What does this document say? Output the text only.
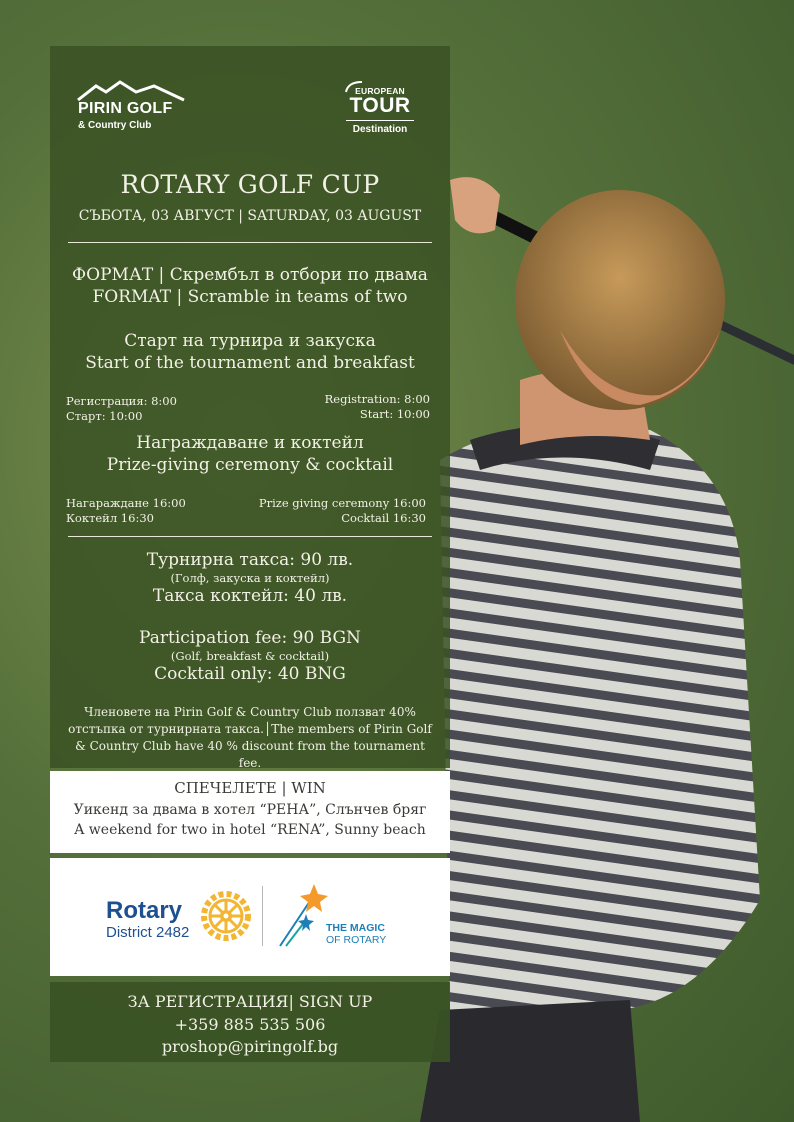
PIRIN GOLF
& Country Club
EUROPEAN
TOUR
Destination
ROTARY GOLF CUP
СЪБОТА, 03 АВГУСТ | SATURDAY, 03 AUGUST
ФОРМАТ | Скрембъл в отбори по двама
FORMAT | Scramble in teams of two
Старт на турнира и закуска
Start of the tournament and breakfast
Регистрация: 8:00
Старт: 10:00
Registration: 8:00
Start: 10:00
Награждаване и коктейл
Prize-giving ceremony & cocktail
Нагаражданe 16:00
Коктейл 16:30
Prize giving ceremony 16:00
Cocktail 16:30
Турнирна такса: 90 лв.
(Голф, закуска и коктейл)
Такса коктейл: 40 лв.
Participation fee: 90 BGN
(Golf, breakfast & cocktail)
Cocktail only: 40 BNG
Членовете на Pirin Golf & Country Club ползват 40%
отстъпка от турнирната такса.│The members of Pirin Golf
& Country Club have 40 % discount from the tournament fee.
СПЕЧЕЛЕТЕ | WIN
Уикенд за двама в хотел “РЕНА”, Слънчев бряг
A weekend for two in hotel “RENA”, Sunny beach
Rotary
District 2482	THE MAGIC
OF ROTARY
ЗА РЕГИСТРАЦИЯ| SIGN UP
+359 885 535 506
proshop@piringolf.bg
